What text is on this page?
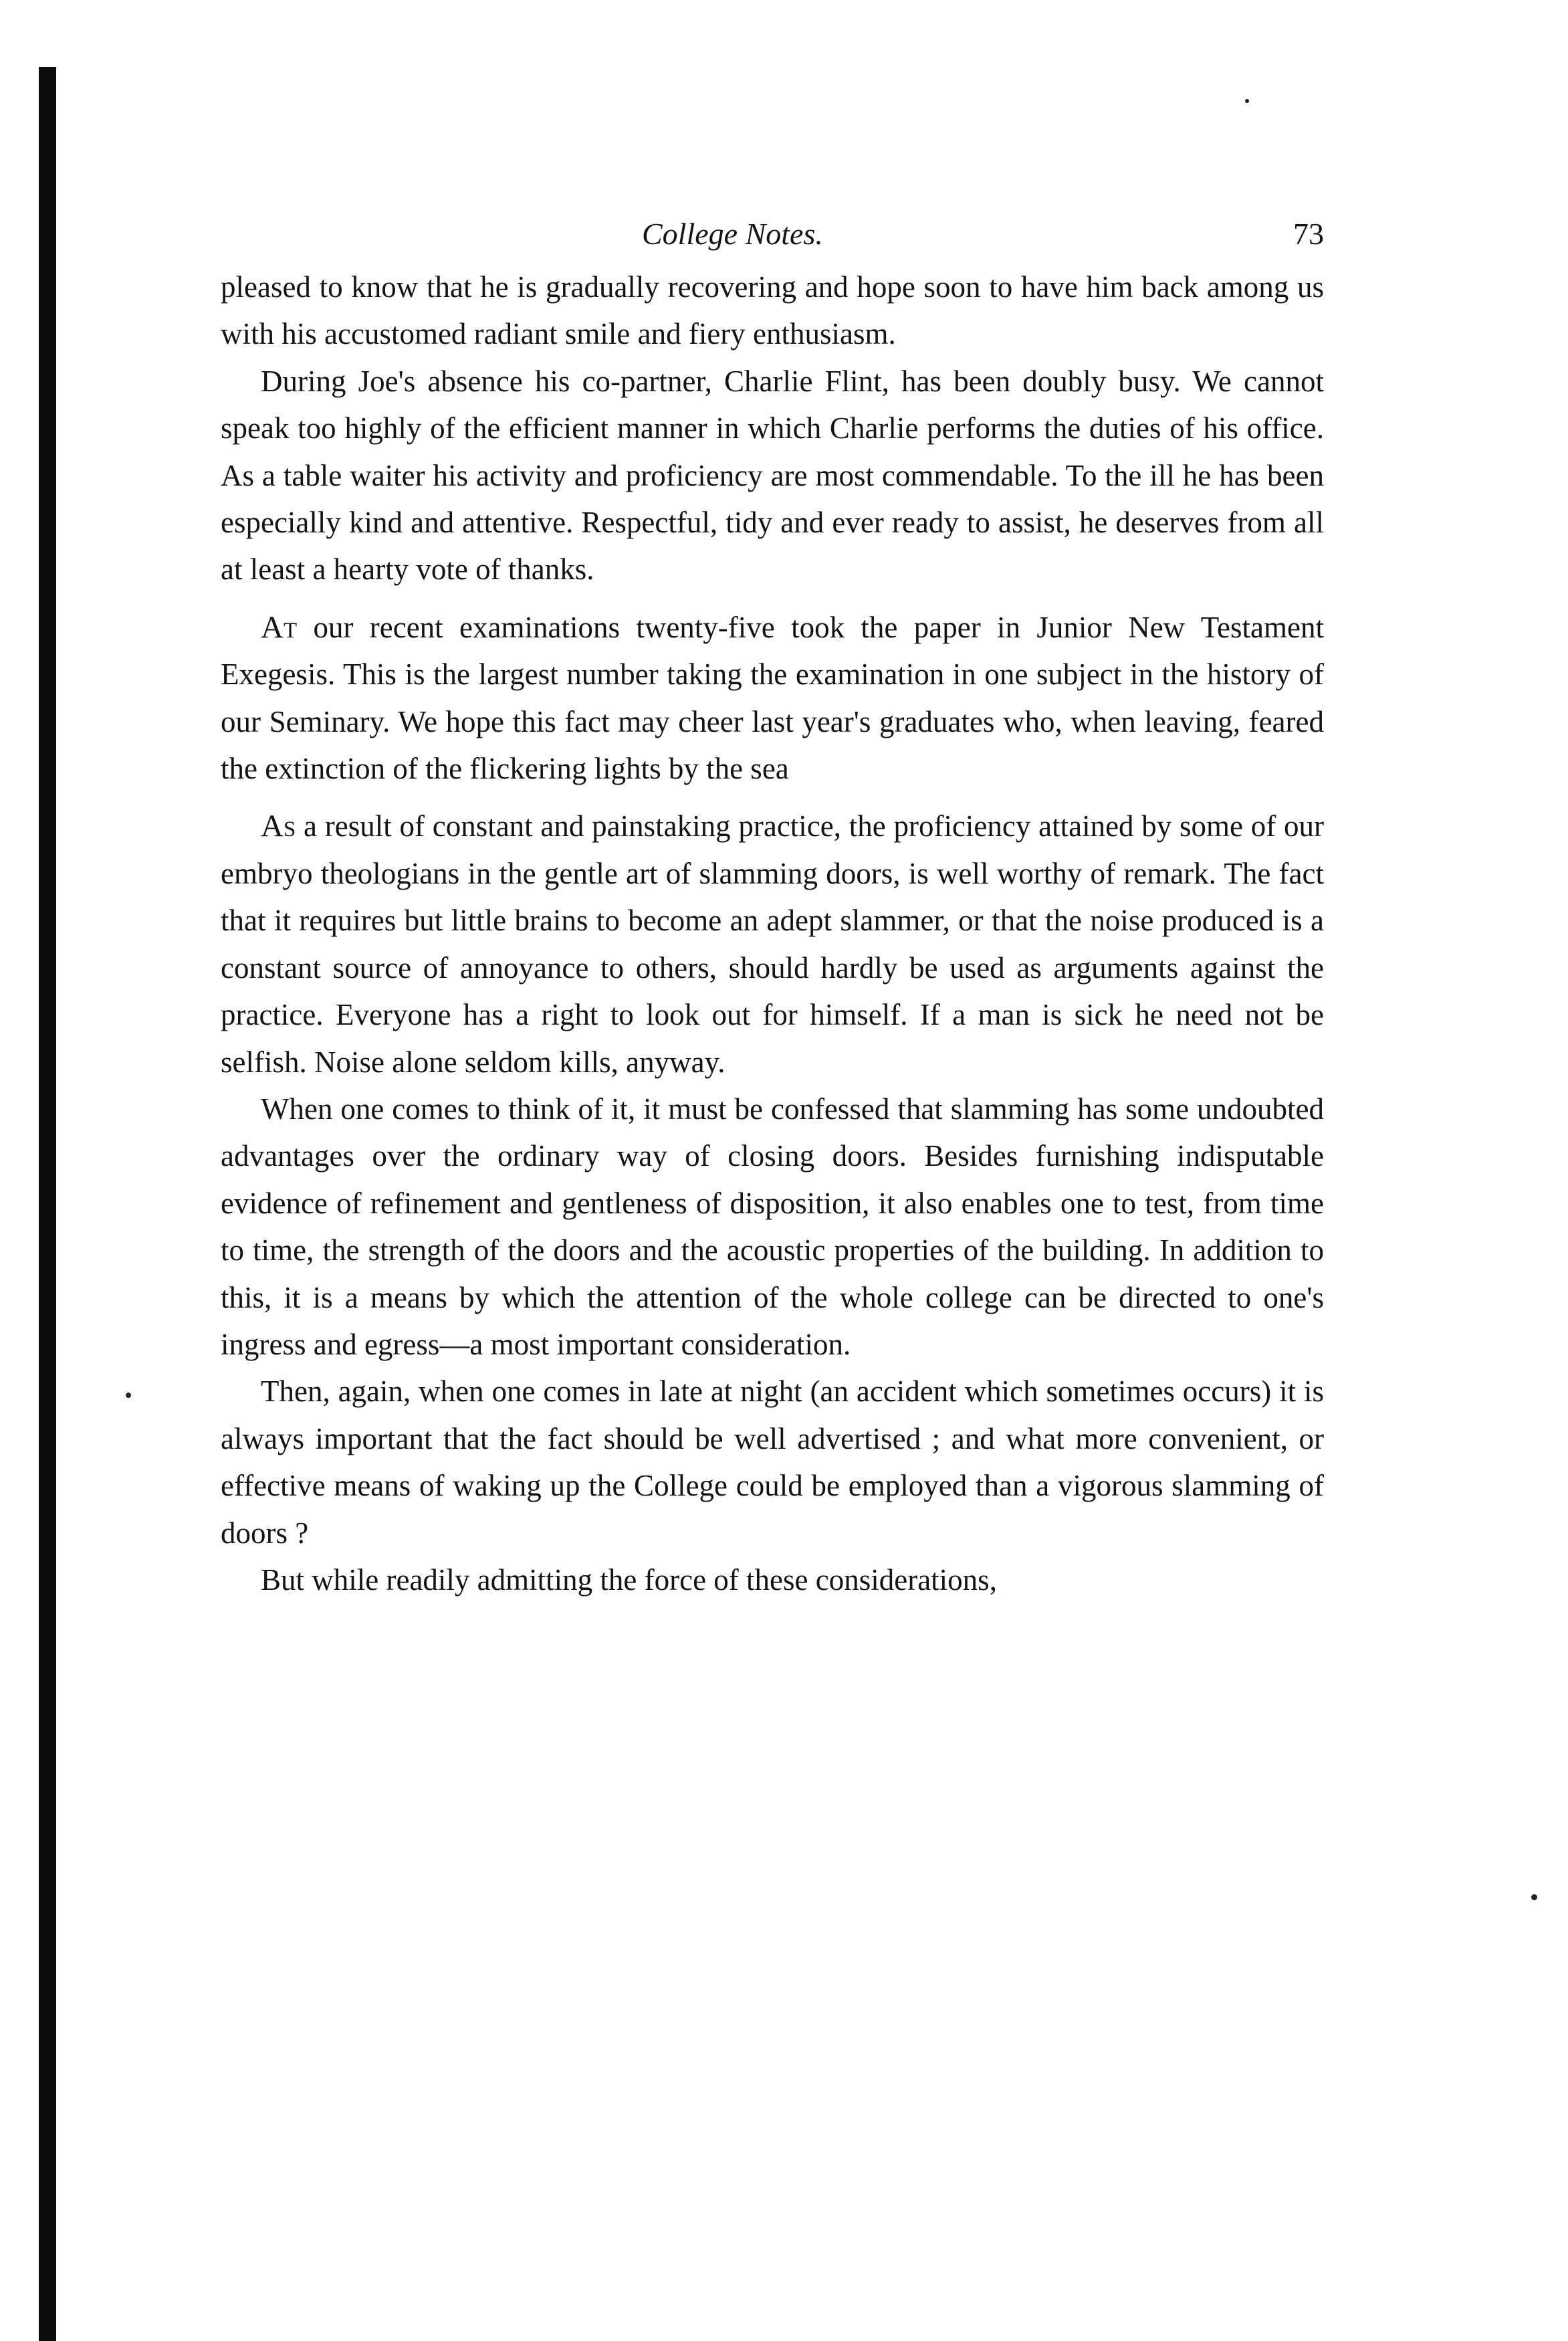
College Notes.	73

pleased to know that he is gradually recovering and hope soon to have him back among us with his accustomed radiant smile and fiery enthusiasm.

During Joe's absence his co-partner, Charlie Flint, has been doubly busy. We cannot speak too highly of the efficient manner in which Charlie performs the duties of his office. As a table waiter his activity and proficiency are most commendable. To the ill he has been especially kind and attentive. Respectful, tidy and ever ready to assist, he deserves from all at least a hearty vote of thanks.

At our recent examinations twenty-five took the paper in Junior New Testament Exegesis. This is the largest number taking the examination in one subject in the history of our Seminary. We hope this fact may cheer last year's graduates who, when leaving, feared the extinction of the flickering lights by the sea

As a result of constant and painstaking practice, the proficiency attained by some of our embryo theologians in the gentle art of slamming doors, is well worthy of remark. The fact that it requires but little brains to become an adept slammer, or that the noise produced is a constant source of annoyance to others, should hardly be used as arguments against the practice. Everyone has a right to look out for himself. If a man is sick he need not be selfish. Noise alone seldom kills, anyway.

When one comes to think of it, it must be confessed that slamming has some undoubted advantages over the ordinary way of closing doors. Besides furnishing indisputable evidence of refinement and gentleness of disposition, it also enables one to test, from time to time, the strength of the doors and the acoustic properties of the building. In addition to this, it is a means by which the attention of the whole college can be directed to one's ingress and egress—a most important consideration.

Then, again, when one comes in late at night (an accident which sometimes occurs) it is always important that the fact should be well advertised ; and what more convenient, or effective means of waking up the College could be employed than a vigorous slamming of doors ?

But while readily admitting the force of these considerations,
